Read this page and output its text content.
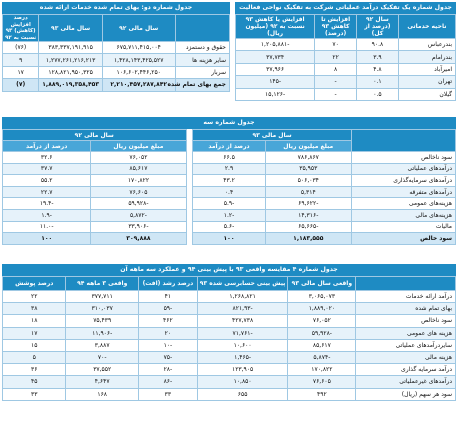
جدول شماره یک تفکیک درآمد عملیاتی شرکت به تفکیک نواحی فعالیت
ناحیه خدماتی	سال ۹۲ (درصد از کل)	افزایش تا کاهش ۹۳ (درصد)	افزایش یا کاهش ۹۳ نسبت به ۹۲ (میلیون ریال)
بندرعباس	۹۰.۸	۷۰	-۱,۲۰۵,۸۸۱
بندرامام	۳.۹	۲۲	۳۷,۷۳۴
امیرآباد	۴.۸	۸	۳۷,۹۶۶
تهران	۰.۱	-	-۱۴۵
گیلان	۰.۵	-	-۱۵,۱۲۶
جدول شماره دو: بهای تمام شده خدمات ارائه شده
	سال مالی ۹۲	سال مالی ۹۳	درصد افزایش (کاهش) ۹۳ نسبت به ۹۲
حقوق و دستمزد	۶۷۵,۷۱۱,۴۱۵,۰۰۴	۳۸۳,۳۳۷,۱۹۱,۹۱۵	(۷۶)
سایر هزینه ها	۱,۴۲۸,۱۴۳,۴۲۵,۵۲۷	۱,۲۷۷,۲۶۱,۲۱۶,۲۱۳	۹
سربار	۱۰۶,۶۰۲,۴۴۶,۲۵۰	۱۲۸,۸۲۱,۹۵۰,۳۲۵	۱۷
جمع بهای تمام شده	۲,۲۱۰,۴۵۷,۲۸۷,۸۴۲	۱,۸۸۹,۰۱۹,۳۵۸,۴۵۳	(۷)
جدول شماره سه
	سال مالی ۹۳			سال مالی ۹۲	
	مبلغ میلیون ریال	درصد از درآمد		مبلغ میلیون ریال	درصد از درآمد
سود ناخالص	۷۸۶,۸۶۷	۶۶.۵		۷۶,۰۵۲	۳۲.۶
درآمدهای عملیاتی	۳۵,۹۵۳	۲.۹		۸۵,۶۱۷	۳۷.۷
درآمدهای سرمایه‌گذاری	۵۰۶,۰۳۴	۴۳.۲		۱۷۰,۸۲۲	۵۵.۲
درآمدهای متفرقه	۵,۳۱۴	۰.۴		۷۶,۶۰۵	۲۲.۷
هزینه‌های عمومی	-۶۹,۶۲۲	-۵.۹		-۵۹,۹۲۸	-۱۹.۴
هزینه‌های مالی	-۱۴,۳۱۶	-۱.۲		-۵,۸۷۲	-۱.۹
مالیات	-۶۵,۶۶۵	-۵.۶		-۳۳,۹۰۶	-۱۱.۰
سود خالص	۱,۱۸۳,۵۵۵	۱۰۰		۳۰۹,۸۸۸	۱۰۰
جدول شماره ۴ مقایسه واقعی ۹۳ با پیش بینی ۹۴ و عملکرد سه ماهه آن
	واقعی سال مالی ۹۳	پیش بینی حسابرسی شده ۹۳	درصد رشد (افت)	واقعی ۳ ماهه ۹۴	درصد پوشش
درآمد ارائه خدمات	۳,۰۶۵,۰۷۳	۱,۲۶۸,۸۲۱	۴۱	۳۷۷,۷۱۱	۲۲
بهای تمام شده	۱,۸۸۹,۰۲۰	-۸۲۱,۹۳	-۵۹	۳۱۰,۰۳۷	۳۸
سود ناخالص	۷۶,۰۵۲	۴۲۷,۷۳۸	۴۶۲	۷۵,۴۳۹	۱۸
هزینه های عمومی	-۵۹,۹۲۸	-۷۱,۷۶۱	۲۰	-۱۱,۹۰۶	۱۷
سایردرآمدهای عملیاتی	۸۵,۶۱۷	۱۰,۶۰۰	-۱۰	۳,۸۸۷	۱۵
هزینه مالی	-۵,۸۷۴	-۱,۴۶۵	-۷۵	-۷۰	۵
درآمد سرمایه گذاری	۱۷۰,۸۲۲	۱۲۳,۹۰۵	-۲۸	۳۷,۵۵۲	۳۶
درآمدهای غیرعملیاتی	۷۶,۶۰۵	۱۰,۸۵۰	-۸۶	۴,۶۴۷	۴۵
سود هر سهم (ریال)	۴۹۲	۶۵۵	۳۳	۱۶۸	۳۳
